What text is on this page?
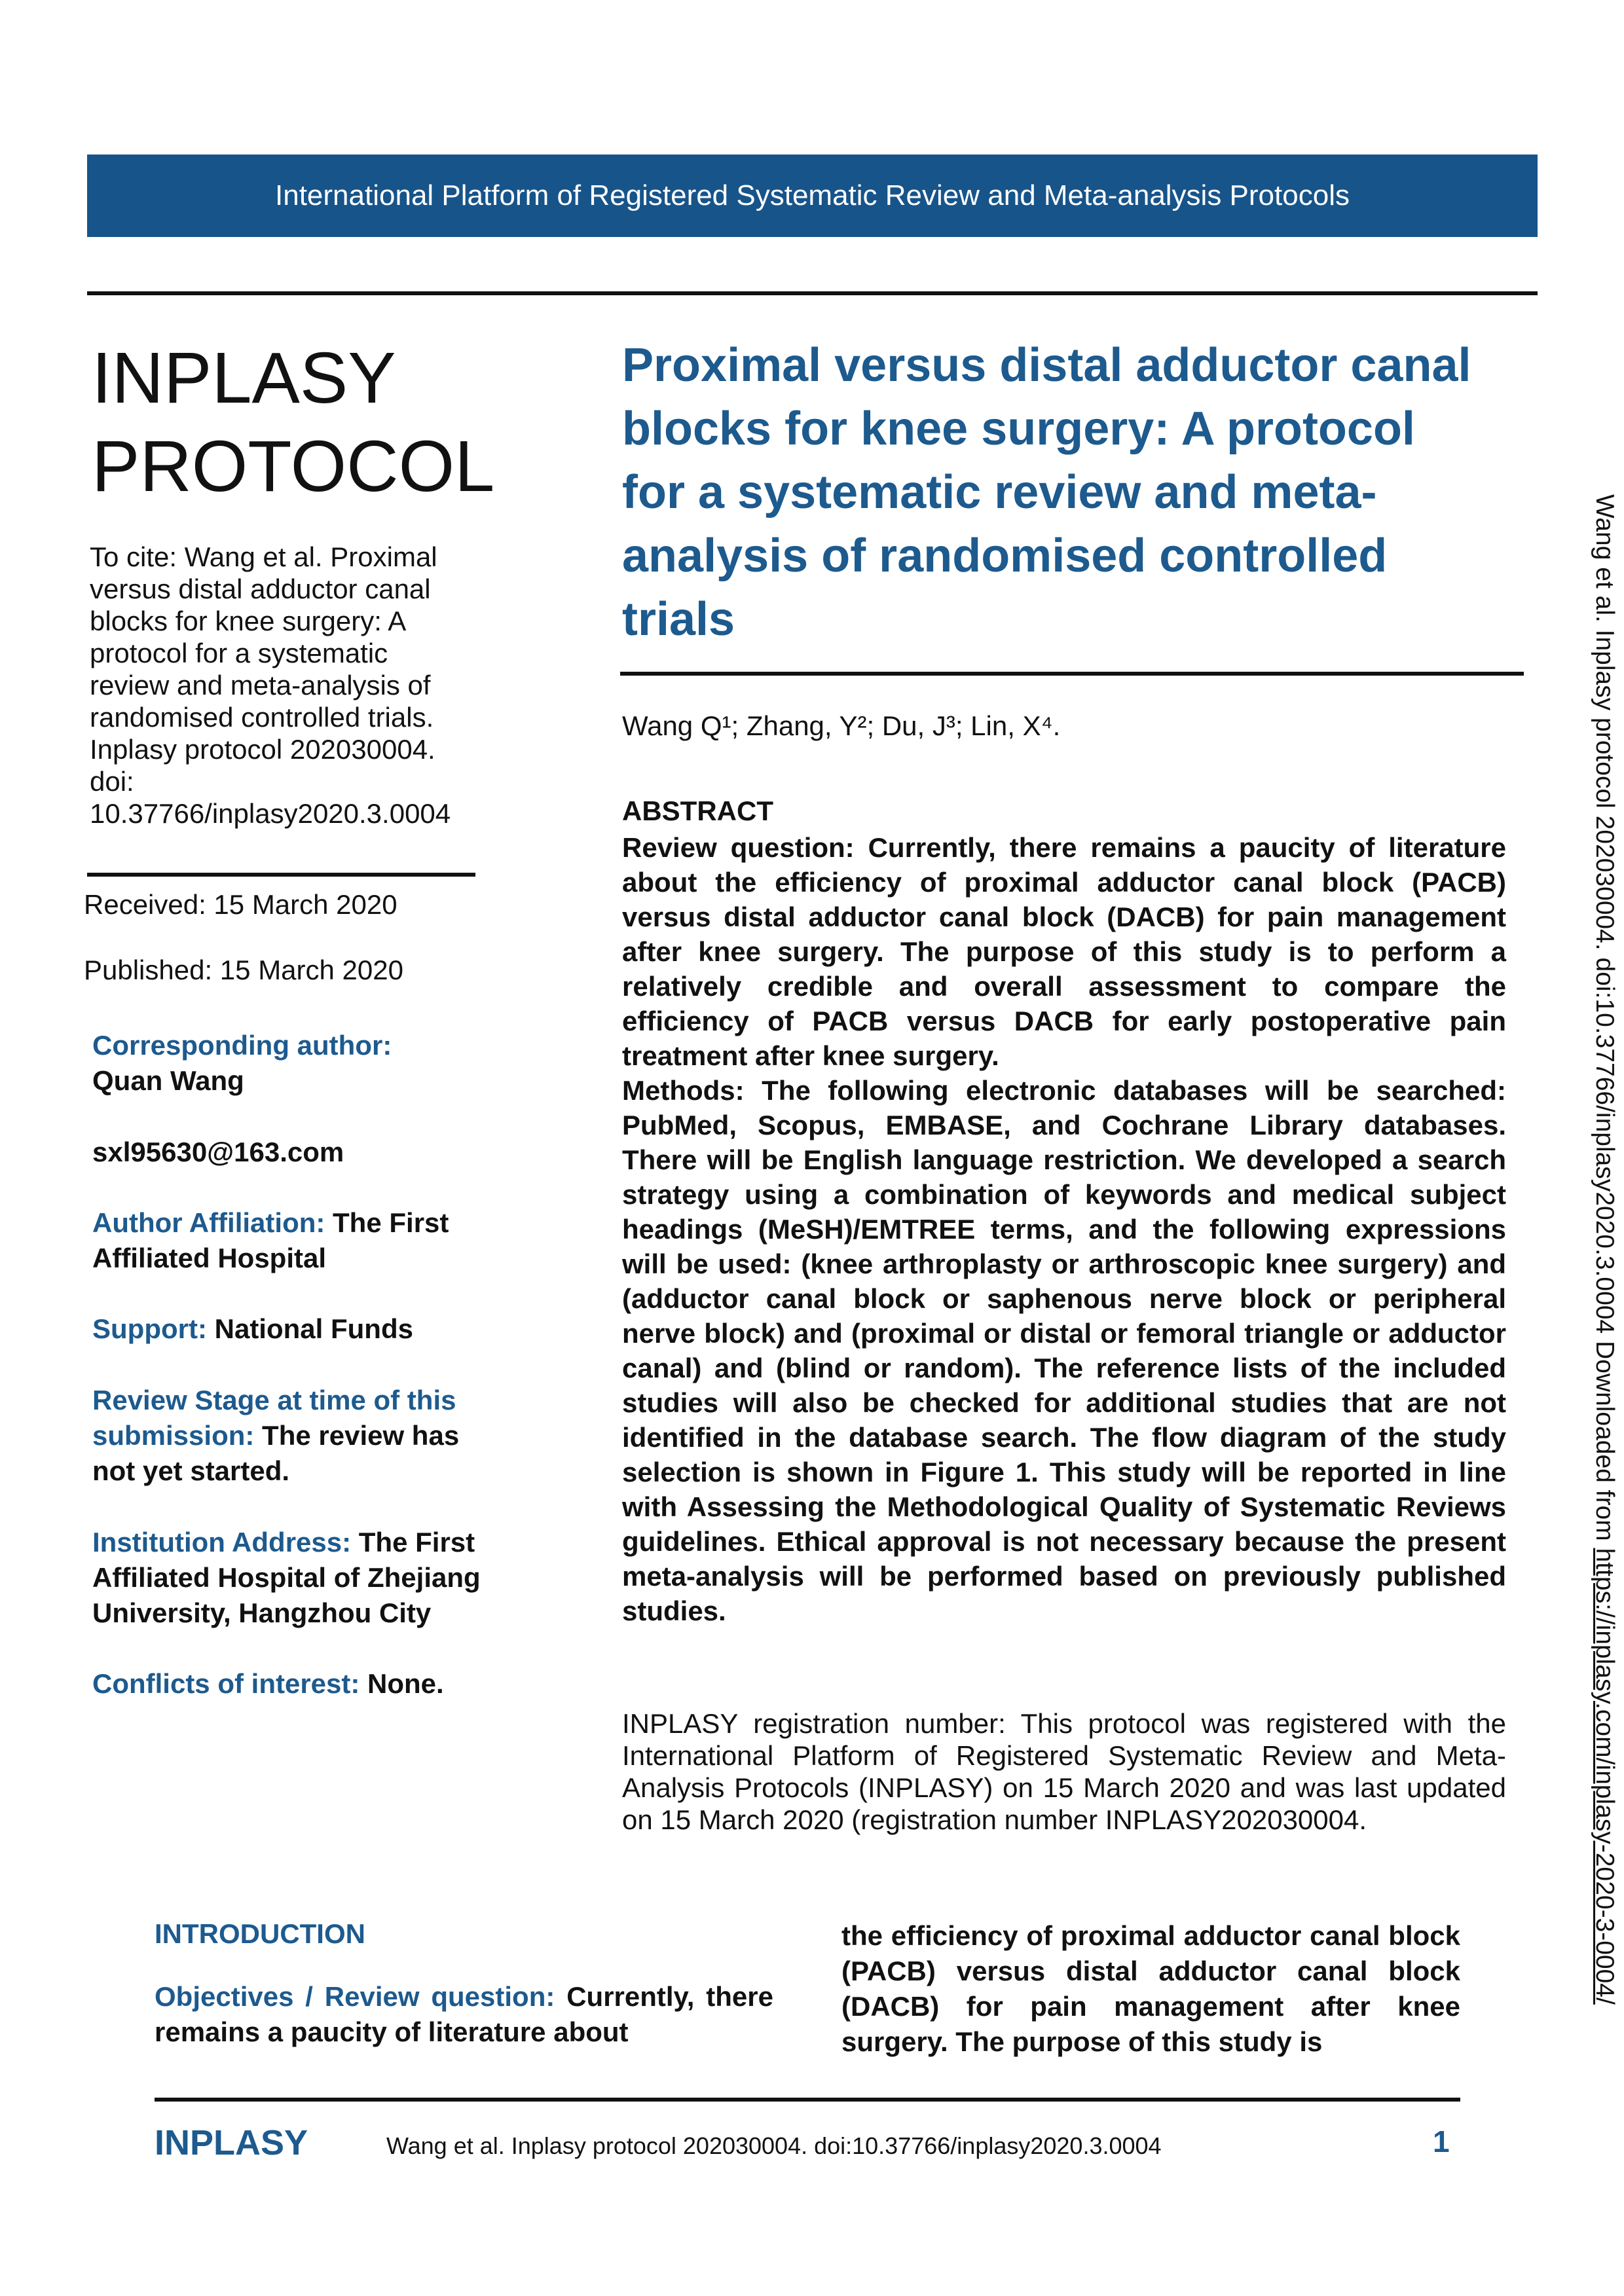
International Platform of Registered Systematic Review and Meta-analysis Protocols
INPLASY
PROTOCOL
To cite: Wang et al. Proximal
versus distal adductor canal
blocks for knee surgery: A
protocol for a systematic
review and meta-analysis of
randomised controlled trials.
Inplasy protocol 202030004.
doi:
10.37766/inplasy2020.3.0004
Received: 15 March 2020
Published: 15 March 2020
Corresponding author:
Quan Wang
sxl95630@163.com
Author Affiliation: The First
Affiliated Hospital
Support: National Funds
Review Stage at time of this
submission: The review has
not yet started.
Institution Address: The First
Affiliated Hospital of Zhejiang
University, Hangzhou City
Conflicts of interest: None.
Proximal versus distal adductor canal
blocks for knee surgery: A protocol
for a systematic review and meta-
analysis of randomised controlled
trials
Wang Q¹; Zhang, Y²; Du, J³; Lin, X⁴.
ABSTRACT

Review question: Currently, there remains a paucity of literature about the efficiency of proximal adductor canal block (PACB) versus distal adductor canal block (DACB) for pain management after knee surgery. The purpose of this study is to perform a relatively credible and overall assessment to compare the efficiency of PACB versus DACB for early postoperative pain treatment after knee surgery.

Methods: The following electronic databases will be searched: PubMed, Scopus, EMBASE, and Cochrane Library databases. There will be English language restriction. We developed a search strategy using a combination of keywords and medical subject headings (MeSH)/EMTREE terms, and the following expressions will be used: (knee arthroplasty or arthroscopic knee surgery) and (adductor canal block or saphenous nerve block or peripheral nerve block) and (proximal or distal or femoral triangle or adductor canal) and (blind or random). The reference lists of the included studies will also be checked for additional studies that are not identified in the database search. The flow diagram of the study selection is shown in Figure 1. This study will be reported in line with Assessing the Methodological Quality of Systematic Reviews guidelines. Ethical approval is not necessary because the present meta-analysis will be performed based on previously published studies.

INPLASY registration number: This protocol was registered with the International Platform of Registered Systematic Review and Meta-Analysis Protocols (INPLASY) on 15 March 2020 and was last updated on 15 March 2020 (registration number INPLASY202030004.
INTRODUCTION
Objectives / Review question: Currently, there remains a paucity of literature about
the efficiency of proximal adductor canal block (PACB) versus distal adductor canal block (DACB) for pain management after knee surgery. The purpose of this study is
INPLASY	Wang et al. Inplasy protocol 202030004. doi:10.37766/inplasy2020.3.0004	1
Wang et al. Inplasy protocol 202030004. doi:10.37766/inplasy2020.3.0004 Downloaded from https://inplasy.com/inplasy-2020-3-0004/
